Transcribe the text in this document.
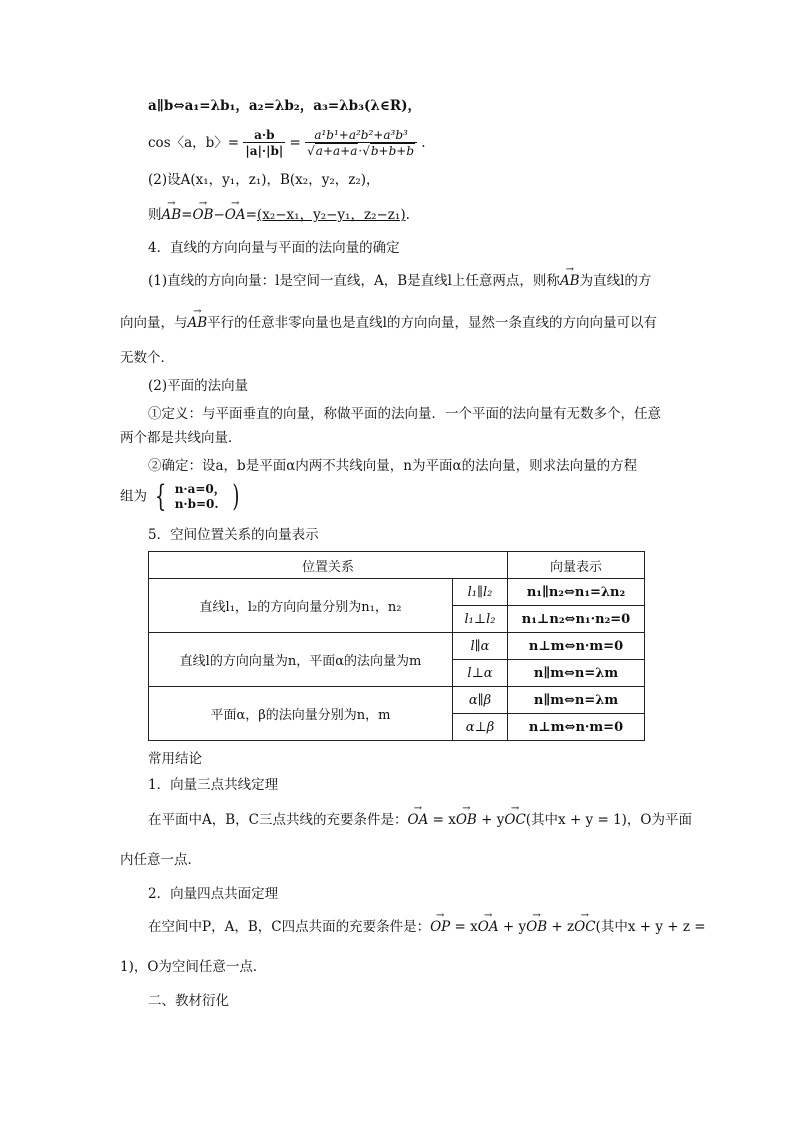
a∥b⇔a₁=λb₁，a₂=λb₂，a₃=λb₃(λ∈R)，
cos〈a，b〉= $\frac{a\cdot b}{|a|\cdot|b|} = \frac{\text{a¹b¹+a²b²+a³b³}}{√a+a+a\cdot√b+b+b}$ .
(2)设A(x₁，y₁，z₁)，B(x₂，y₂，z₂)，
则→ AB=→ OB−→ OA=(x₂−x₁，y₂−y₁，z₂−z₁).
4．直线的方向向量与平面的法向量的确定
(1)直线的方向向量：l是空间一直线，A，B是直线l上任意两点，则称→ AB为直线l的方
向向量，与→ AB平行的任意非零向量也是直线l的方向向量，显然一条直线的方向向量可以有
无数个．
(2)平面的法向量
①定义：与平面垂直的向量，称做平面的法向量．一个平面的法向量有无数多个，任意
两个都是共线向量．
②确定：设a，b是平面α内两不共线向量，n为平面α的法向量，则求法向量的方程
组为 { n·a=0，
n·b=0. )
5．空间位置关系的向量表示
位置关系		向量表示
直线l₁，l₂的方向向量分别为n₁，n₂	l₁∥l₂	n₁∥n₂⇔n₁=λn₂
	l₁⊥l₂	n₁⊥n₂⇔n₁·n₂=0
直线l的方向向量为n，平面α的法向量为m	l∥α	n⊥m⇔n·m=0
	l⊥α	n∥m⇔n=λm
平面α，β的法向量分别为n，m	α∥β	n∥m⇔n=λm
	α⊥β	n⊥m⇔n·m=0
常用结论
1．向量三点共线定理
在平面中A，B，C三点共线的充要条件是：→ OA = x→ OB + y→ OC(其中x + y = 1)，O为平面
内任意一点．
2．向量四点共面定理
在空间中P，A，B，C四点共面的充要条件是：→ OP = x→ OA + y→ OB + z→ OC(其中x + y + z =
1)，O为空间任意一点．
二、教材衍化
